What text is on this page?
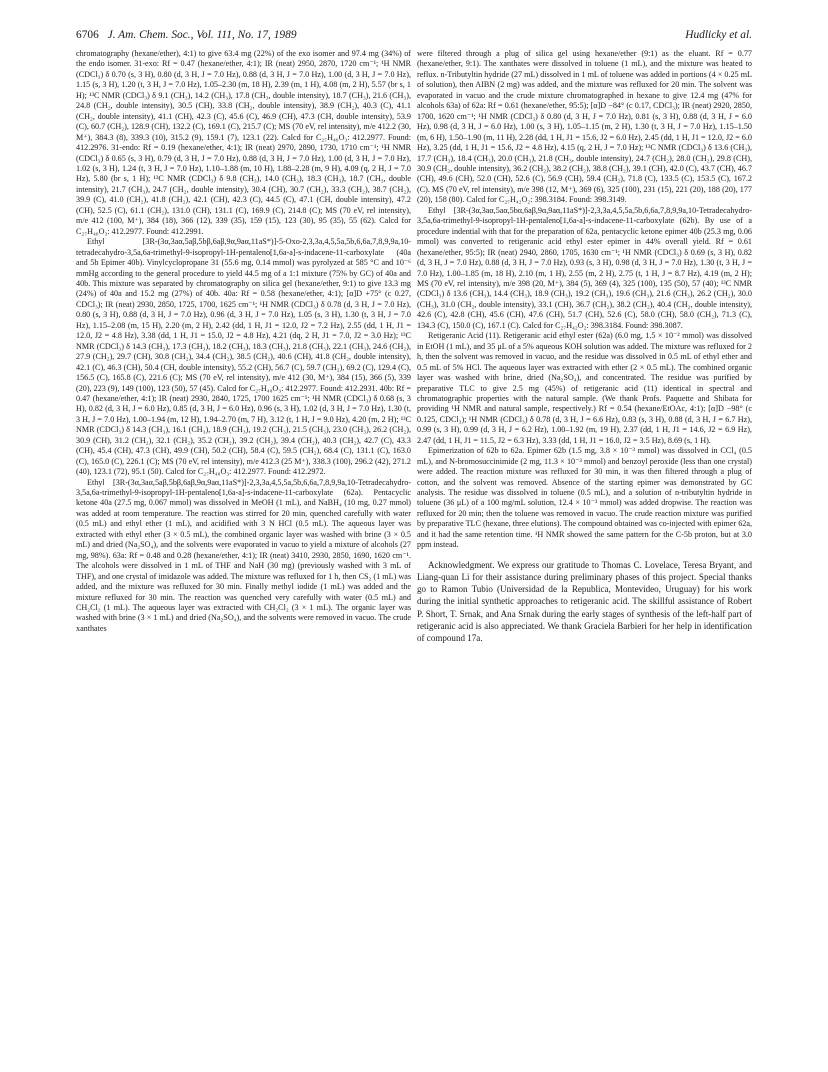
6706 J. Am. Chem. Soc., Vol. 111, No. 17, 1989	Hudlicky et al.

chromatography (hexane/ether), 4:1) to give 63.4 mg (22%) of the exo isomer and 97.4 mg (34%) of the endo isomer. 31-exo: Rf = 0.47 (hexane/ether, 4:1); IR (neat) 2950, 2870, 1720 cm⁻¹; ¹H NMR (CDCl₃) δ 0.70 (s, 3 H), 0.80 (d, 3 H, J = 7.0 Hz), 0.88 (d, 3 H, J = 7.0 Hz), 1.00 (d, 3 H, J = 7.0 Hz), 1.15 (s, 3 H), 1.20 (t, 3 H, J = 7.0 Hz), 1.05–2.30 (m, 18 H), 2.39 (m, 1 H), 4.08 (m, 2 H), 5.57 (br s, 1 H); ¹³C NMR (CDCl₃) δ 9.1 (CH₃), 14.2 (CH₃), 17.8 (CH₃, double intensity), 18.7 (CH₃), 21.6 (CH₃), 24.8 (CH₂, double intensity), 30.5 (CH), 33.8 (CH₂, double intensity), 38.9 (CH₂), 40.3 (C), 41.1 (CH₂, double intensity), 41.1 (CH), 42.3 (C), 45.6 (C), 46.9 (CH), 47.3 (CH, double intensity), 53.9 (C), 60.7 (CH₂), 128.9 (CH), 132.2 (C), 169.1 (C), 215.7 (C); MS (70 eV, rel intensity), m/e 412.2 (30, M⁺), 384.3 (8), 339.3 (10), 315.2 (9), 159.1 (7), 123.1 (22). Calcd for C₂₇H₄₀O₃: 412.2977. Found: 412.2976. 31-endo: Rf = 0.19 (hexane/ether, 4:1); IR (neat) 2970, 2890, 1730, 1710 cm⁻¹; ¹H NMR (CDCl₃) δ 0.65 (s, 3 H), 0.79 (d, 3 H, J = 7.0 Hz), 0.88 (d, 3 H, J = 7.0 Hz), 1.00 (d, 3 H, J = 7.0 Hz), 1.02 (s, 3 H), 1.24 (t, 3 H, J = 7.0 Hz), 1.10–1.88 (m, 10 H), 1.88–2.28 (m, 9 H), 4.09 (q, 2 H, J = 7.0 Hz), 5.80 (br s, 1 H); ¹³C NMR (CDCl₃) δ 9.8 (CH₃), 14.0 (CH₃), 18.3 (CH₃), 18.7 (CH₃, double intensity), 21.7 (CH₃), 24.7 (CH₂, double intensity), 30.4 (CH), 30.7 (CH₂), 33.3 (CH₂), 38.7 (CH₂), 39.9 (C), 41.0 (CH₂), 41.8 (CH₂), 42.1 (CH), 42.3 (C), 44.5 (C), 47.1 (CH, double intensity), 47.2 (CH), 52.5 (C), 61.1 (CH₂), 131.0 (CH), 131.1 (C), 169.9 (C), 214.8 (C); MS (70 eV, rel intensity), m/e 412 (100, M⁺), 384 (18), 366 (12), 339 (35), 159 (15), 123 (30), 95 (35), 55 (62). Calcd for C₂₇H₄₀O₃: 412.2977. Found: 412.2991.

Ethyl [3R-(3α,3aα,5aβ,5bβ,6aβ,9α,9aα,11aS*)]-5-Oxo-2,3,3a,4,5,5a,5b,6,6a,7,8,9,9a,10-tetradecahydro-3,5a,6a-trimethyl-9-isopropyl-1H-pentaleno[1,6a-a]-s-indacene-11-carboxylate (40a and 5b Epimer 40b). Vinylcyclopropane 31 (55.6 mg, 0.14 mmol) was pyrolyzed at 585 °C and 10⁻⁶ mmHg according to the general procedure to yield 44.5 mg of a 1:1 mixture (75% by GC) of 40a and 40b. This mixture was separated by chromatography on silica gel (hexane/ether, 9:1) to give 13.3 mg (24%) of 40a and 15.2 mg (27%) of 40b. 40a: Rf = 0.58 (hexane/ether, 4:1); [α]D +75° (c 0.27, CDCl₃); IR (neat) 2930, 2850, 1725, 1700, 1625 cm⁻¹; ¹H NMR (CDCl₃) δ 0.78 (d, 3 H, J = 7.0 Hz), 0.80 (s, 3 H), 0.88 (d, 3 H, J = 7.0 Hz), 0.96 (d, 3 H, J = 7.0 Hz), 1.05 (s, 3 H), 1.30 (t, 3 H, J = 7.0 Hz), 1.15–2.08 (m, 15 H), 2.20 (m, 2 H), 2.42 (dd, 1 H, J1 = 12.0, J2 = 7.2 Hz), 2.55 (dd, 1 H, J1 = 12.0, J2 = 4.8 Hz), 3.38 (dd, 1 H, J1 = 15.0, J2 = 4.8 Hz), 4.21 (dq, 2 H, J1 = 7.0, J2 = 3.0 Hz); ¹³C NMR (CDCl₃) δ 14.3 (CH₃), 17.3 (CH₃), 18.2 (CH₃), 18.3 (CH₃), 21.8 (CH₃), 22.1 (CH₃), 24.6 (CH₂), 27.9 (CH₂), 29.7 (CH), 30.8 (CH₂), 34.4 (CH₂), 38.5 (CH₂), 40.6 (CH), 41.8 (CH₂, double intensity), 42.1 (C), 46.3 (CH), 50.4 (CH, double intensity), 55.2 (CH), 56.7 (C), 59.7 (CH₂), 69.2 (C), 129.4 (C), 156.5 (C), 165.8 (C), 221.6 (C); MS (70 eV, rel intensity), m/e 412 (30, M⁺), 384 (15), 366 (5), 339 (20), 223 (9), 149 (100), 123 (50), 57 (45). Calcd for C₂₇H₄₀O₃: 412.2977. Found: 412.2931. 40b: Rf = 0.47 (hexane/ether, 4:1); IR (neat) 2930, 2840, 1725, 1700 1625 cm⁻¹; ¹H NMR (CDCl₃) δ 0.68 (s, 3 H), 0.82 (d, 3 H, J = 6.0 Hz), 0.85 (d, 3 H, J = 6.0 Hz), 0.96 (s, 3 H), 1.02 (d, 3 H, J = 7.0 Hz), 1.30 (t, 3 H, J = 7.0 Hz), 1.00–1.94 (m, 12 H), 1.94–2.70 (m, 7 H), 3.12 (t, 1 H, J = 9.0 Hz), 4.20 (m, 2 H); ¹³C NMR (CDCl₃) δ 14.3 (CH₃), 16.1 (CH₃), 18.9 (CH₃), 19.2 (CH₃), 21.5 (CH₃), 23.0 (CH₃), 26.2 (CH₂), 30.9 (CH), 31.2 (CH₂), 32.1 (CH₂), 35.2 (CH₂), 39.2 (CH₂), 39.4 (CH₂), 40.3 (CH₂), 42.7 (C), 43.3 (CH), 45.4 (CH), 47.3 (CH), 49.9 (CH), 50.2 (CH), 58.4 (C), 59.5 (CH₂), 68.4 (C), 131.1 (C), 163.0 (C), 165.0 (C), 226.1 (C); MS (70 eV, rel intensity), m/e 412.3 (25 M⁺), 338.3 (100), 296.2 (42), 271.2 (40), 123.1 (72), 95.1 (50). Calcd for C₂₇H₄₀O₃: 412.2977. Found: 412.2972.

Ethyl [3R-(3α,3aα,5aβ,5bβ,6aβ,9α,9aα,11aS*)]-2,3,3a,4,5,5a,5b,6,6a,7,8,9,9a,10-Tetradecahydro-3,5a,6a-trimethyl-9-isopropyl-1H-pentaleno[1,6a-a]-s-indacene-11-carboxylate (62a). Pentacyclic ketone 40a (27.5 mg, 0.067 mmol) was dissolved in MeOH (1 mL), and NaBH₄ (10 mg, 0.27 mmol) was added at room temperature. The reaction was stirred for 20 min, quenched carefully with water (0.5 mL) and ethyl ether (1 mL), and acidified with 3 N HCl (0.5 mL). The aqueous layer was extracted with ethyl ether (3 × 0.5 mL), the combined organic layer was washed with brine (3 × 0.5 mL) and dried (Na₂SO₄), and the solvents were evaporated in vacuo to yield a mixture of alcohols (27 mg, 98%). 63a: Rf = 0.48 and 0.28 (hexane/ether, 4:1); IR (neat) 3410, 2930, 2850, 1690, 1620 cm⁻¹. The alcohols were dissolved in 1 mL of THF and NaH (30 mg) (previously washed with 3 mL of THF), and one crystal of imidazole was added. The mixture was refluxed for 1 h, then CS₂ (1 mL) was added, and the mixture was refluxed for 30 min. Finally methyl iodide (1 mL) was added and the mixture refluxed for 30 min. The reaction was quenched very carefully with water (0.5 mL) and CH₂Cl₂ (1 mL). The aqueous layer was extracted with CH₂Cl₂ (3 × 1 mL). The organic layer was washed with brine (3 × 1 mL) and dried (Na₂SO₄), and the solvents were removed in vacuo. The crude xanthates

were filtered through a plug of silica gel using hexane/ether (9:1) as the eluant. Rf = 0.77 (hexane/ether, 9:1). The xanthates were dissolved in toluene (1 mL), and the mixture was heated to reflux. n-Tributyltin hydride (27 mL) dissolved in 1 mL of toluene was added in portions (4 × 0.25 mL of solution), then AIBN (2 mg) was added, and the mixture was refluxed for 20 min. The solvent was evaporated in vacuo and the crude mixture chromatographed in hexane to give 12.4 mg (47% for alcohols 63a) of 62a: Rf = 0.61 (hexane/ether, 95:5); [α]D −84° (c 0.17, CDCl₃); IR (neat) 2920, 2850, 1700, 1620 cm⁻¹; ¹H NMR (CDCl₃) δ 0.80 (d, 3 H, J = 7.0 Hz), 0.81 (s, 3 H), 0.88 (d, 3 H, J = 6.0 Hz), 0.98 (d, 3 H, J = 6.0 Hz), 1.00 (s, 3 H), 1.05–1.15 (m, 2 H), 1.30 (t, 3 H, J = 7.0 Hz), 1.15–1.50 (m, 6 H), 1.50–1.90 (m, 11 H), 2.28 (dd, 1 H, J1 = 15.6, J2 = 6.0 Hz), 2.45 (dd, 1 H, J1 = 12.0, J2 = 6.0 Hz), 3.25 (dd, 1 H, J1 = 15.6, J2 = 4.8 Hz), 4.15 (q, 2 H, J = 7.0 Hz); ¹³C NMR (CDCl₃) δ 13.6 (CH₃), 17.7 (CH₃), 18.4 (CH₃), 20.0 (CH₃), 21.8 (CH₃, double intensity), 24.7 (CH₂), 28.0 (CH₂), 29.8 (CH), 30.9 (CH₂, double intensity), 36.2 (CH₂), 38.2 (CH₂), 38.8 (CH₂), 39.1 (CH), 42.0 (C), 43.7 (CH), 46.7 (CH), 49.6 (CH), 52.0 (CH), 52.6 (C), 56.9 (CH), 59.4 (CH₂), 71.8 (C), 133.5 (C), 153.5 (C), 167.2 (C). MS (70 eV, rel intensity), m/e 398 (12, M⁺), 369 (6), 325 (100), 231 (15), 221 (20), 188 (20), 177 (20), 158 (80). Calcd for C₂₇H₄₂O₂: 398.3184. Found: 398.3149.

Ethyl [3R-(3α,3aα,5aα,5bα,6aβ,9α,9aα,11aS*)]-2,3,3a,4,5,5a,5b,6,6a,7,8,9,9a,10-Tetradecahydro-3,5a,6a-trimethyl-9-isopropyl-1H-pentaleno[1,6a-a]-s-indacene-11-carboxylate (62b). By use of a procedure indential with that for the preparation of 62a, pentacyclic ketone epimer 40b (25.3 mg, 0.06 mmol) was converted to retigeranic acid ethyl ester epimer in 44% overall yield. Rf = 0.61 (hexane/ether, 95:5); IR (neat) 2940, 2860, 1705, 1630 cm⁻¹; ¹H NMR (CDCl₃) δ 0.69 (s, 3 H), 0.82 (d, 3 H, J = 7.0 Hz), 0.88 (d, 3 H, J = 7.0 Hz), 0.93 (s, 3 H), 0.98 (d, 3 H, J = 7.0 Hz), 1.30 (t, 3 H, J = 7.0 Hz), 1.00–1.85 (m, 18 H), 2.10 (m, 1 H), 2.55 (m, 2 H), 2.75 (t, 1 H, J = 8.7 Hz), 4.19 (m, 2 H); MS (70 eV, rel intensity), m/e 398 (20, M⁺), 384 (5), 369 (4), 325 (100), 135 (50), 57 (40); ¹³C NMR (CDCl₃) δ 13.6 (CH₃), 14.4 (CH₃), 18.9 (CH₃), 19.2 (CH₃), 19.6 (CH₃), 21.6 (CH₃), 26.2 (CH₂), 30.0 (CH₃), 31.0 (CH₂, double intensity), 33.1 (CH), 36.7 (CH₂), 38.2 (CH₂), 40.4 (CH₂, double intensity), 42.6 (C), 42.8 (CH), 45.6 (CH), 47.6 (CH), 51.7 (CH), 52.6 (C), 58.0 (CH), 58.0 (CH₂), 71.3 (C), 134.3 (C), 150.0 (C), 167.1 (C). Calcd for C₂₇H₄₂O₂: 398.3184. Found: 398.3087.

Retigeranic Acid (11). Retigeranic acid ethyl ester (62a) (6.0 mg, 1.5 × 10⁻² mmol) was dissolved in EtOH (1 mL), and 35 μL of a 5% aqueous KOH solution was added. The mixture was refluxed for 2 h, then the solvent was removed in vacuo, and the residue was dissolved in 0.5 mL of ethyl ether and 0.5 mL of 5% HCl. The aqueous layer was extracted with ether (2 × 0.5 mL). The combined organic layer was washed with brine, dried (Na₂SO₄), and concentrated. The residue was purified by preparative TLC to give 2.5 mg (45%) of retigeranic acid (11) identical in spectral and chromatographic properties with the natural sample. (We thank Profs. Paquette and Shibata for providing ¹H NMR and natural sample, respectively.) Rf = 0.54 (hexane/EtOAc, 4:1); [α]D −98° (c 0.125, CDCl₃); ¹H NMR (CDCl₃) δ 0.78 (d, 3 H, J = 6.6 Hz), 0.83 (s, 3 H), 0.88 (d, 3 H, J = 6.7 Hz), 0.99 (s, 3 H), 0.99 (d, 3 H, J = 6.2 Hz), 1.00–1.92 (m, 19 H), 2.37 (dd, 1 H, J1 = 14.6, J2 = 6.9 Hz), 2.47 (dd, 1 H, J1 = 11.5, J2 = 6.3 Hz), 3.33 (dd, 1 H, J1 = 16.0, J2 = 3.5 Hz), 8.69 (s, 1 H).

Epimerization of 62b to 62a. Epimer 62b (1.5 mg, 3.8 × 10⁻³ mmol) was dissolved in CCl₄ (0.5 mL), and N-bromosuccinimide (2 mg, 11.3 × 10⁻³ mmol) and benzoyl peroxide (less than one crystal) were added. The reaction mixture was refluxed for 30 min, it was then filtered through a plug of cotton, and the solvent was removed. Absence of the starting epimer was demonstrated by GC analysis. The residue was dissolved in toluene (0.5 mL), and a solution of n-tributyltin hydride in toluene (36 μL) of a 100 mg/mL solution, 12.4 × 10⁻³ mmol) was added dropwise. The reaction was refluxed for 20 min; then the toluene was removed in vacuo. The crude reaction mixture was purified by preparative TLC (hexane, three elutions). The compound obtained was co-injected with epimer 62a, and it had the same retention time. ¹H NMR showed the same pattern for the C-5b proton, but at 3.0 ppm instead.

Acknowledgment. We express our gratitude to Thomas C. Lovelace, Teresa Bryant, and Liang-quan Li for their assistance during preliminary phases of this project. Special thanks go to Ramon Tubio (Universidad de la Republica, Montevideo, Uruguay) for his work during the initial synthetic approaches to retigeranic acid. The skillful assistance of Robert P. Short, T. Srnak, and Ana Srnak during the early stages of synthesis of the left-half part of retigeranic acid is also appreciated. We thank Graciela Barbieri for her help in identification of compound 17a.
